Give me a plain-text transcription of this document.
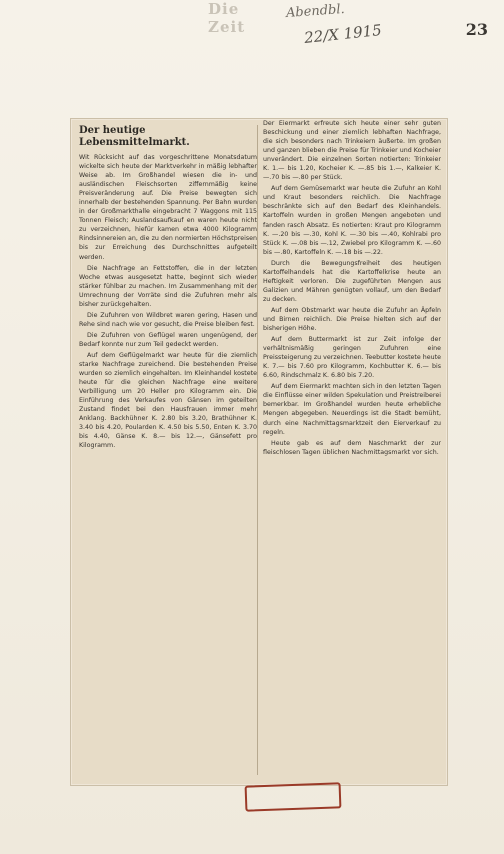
Die Zeit
Abendbl.
22/X 1915	23
Der heutige Lebensmittelmarkt.

Wit Rücksicht auf das vorgeschrittene Monatsdatum wickelte sich heute der Marktverkehr in mäßig lebhafter Weise ab. Im Großhandel wiesen die in- und ausländischen Fleischsorten ziffernmäßig keine Preisveränderung auf. Die Preise bewegten sich innerhalb der bestehenden Spannung. Per Bahn wurden in der Großmarkthalle eingebracht 7 Waggons mit 115 Tonnen Fleisch; Auslandsaufkauf en waren heute nicht zu verzeichnen, hiefür kamen etwa 4000 Kilogramm Rindsinnereien an, die zu den normierten Höchstpreisen bis zur Erreichung des Durchschnittes aufgeteilt werden.

Die Nachfrage an Fettstoffen, die in der letzten Woche etwas ausgesetzt hatte, beginnt sich wieder stärker fühlbar zu machen. Im Zusammenhang mit der Umrechnung der Vorräte sind die Zufuhren mehr als bisher zurückgehalten.

Die Zufuhren von Wildbret waren gering, Hasen und Rehe sind nach wie vor gesucht, die Preise bleiben fest.

Die Zufuhren von Geflügel waren ungenügend, der Bedarf konnte nur zum Teil gedeckt werden.

Auf dem Geflügelmarkt war heute für die ziemlich starke Nachfrage zureichend. Die bestehenden Preise wurden so ziemlich eingehalten. Im Kleinhandel kostete heute für die gleichen Nachfrage eine weitere Verbilligung um 20 Heller pro Kilogramm ein. Die Einführung des Verkaufes von Gänsen im geteilten Zustand findet bei den Hausfrauen immer mehr Anklang. Backhühner K. 2.80 bis 3.20, Brathühner K. 3.40 bis 4.20, Poularden K. 4.50 bis 5.50, Enten K. 3.70 bis 4.40, Gänse K. 8.— bis 12.—, Gänsefett pro Kilogramm.

Der Eiermarkt erfreute sich heute einer sehr guten Beschickung und einer ziemlich lebhaften Nachfrage, die sich besonders nach Trinkeiern äußerte. Im großen und ganzen blieben die Preise für Trinkeier und Kocheier unverändert. Die einzelnen Sorten notierten: Trinkeier K. 1.— bis 1.20, Kocheier K. —.85 bis 1.—, Kalkeier K. —.70 bis —.80 per Stück.

Auf dem Gemüsemarkt war heute die Zufuhr an Kohl und Kraut besonders reichlich. Die Nachfrage beschränkte sich auf den Bedarf des Kleinhandels. Kartoffeln wurden in großen Mengen angeboten und fanden rasch Absatz. Es notierten: Kraut pro Kilogramm K. —.20 bis —.30, Kohl K. —.30 bis —.40, Kohlrabi pro Stück K. —.08 bis —.12, Zwiebel pro Kilogramm K. —.60 bis —.80, Kartoffeln K. —.18 bis —.22.

Durch die Bewegungsfreiheit des heutigen Kartoffelhandels hat die Kartoffelkrise heute an Heftigkeit verloren. Die zugeführten Mengen aus Galizien und Mähren genügten vollauf, um den Bedarf zu decken.

Auf dem Obstmarkt war heute die Zufuhr an Äpfeln und Birnen reichlich. Die Preise hielten sich auf der bisherigen Höhe.

Auf dem Buttermarkt ist zur Zeit infolge der verhältnismäßig geringen Zufuhren eine Preissteigerung zu verzeichnen. Teebutter kostete heute K. 7.— bis 7.60 pro Kilogramm, Kochbutter K. 6.— bis 6.60, Rindschmalz K. 6.80 bis 7.20.

Auf dem Eiermarkt machten sich in den letzten Tagen die Einflüsse einer wilden Spekulation und Preistreiberei bemerkbar. Im Großhandel wurden heute erhebliche Mengen abgegeben. Neuerdings ist die Stadt bemüht, durch eine Nachmittagsmarktzeit den Eierverkauf zu regeln.

Heute gab es auf dem Naschmarkt der zur fleischlosen Tagen üblichen Nachmittagsmarkt vor sich.
